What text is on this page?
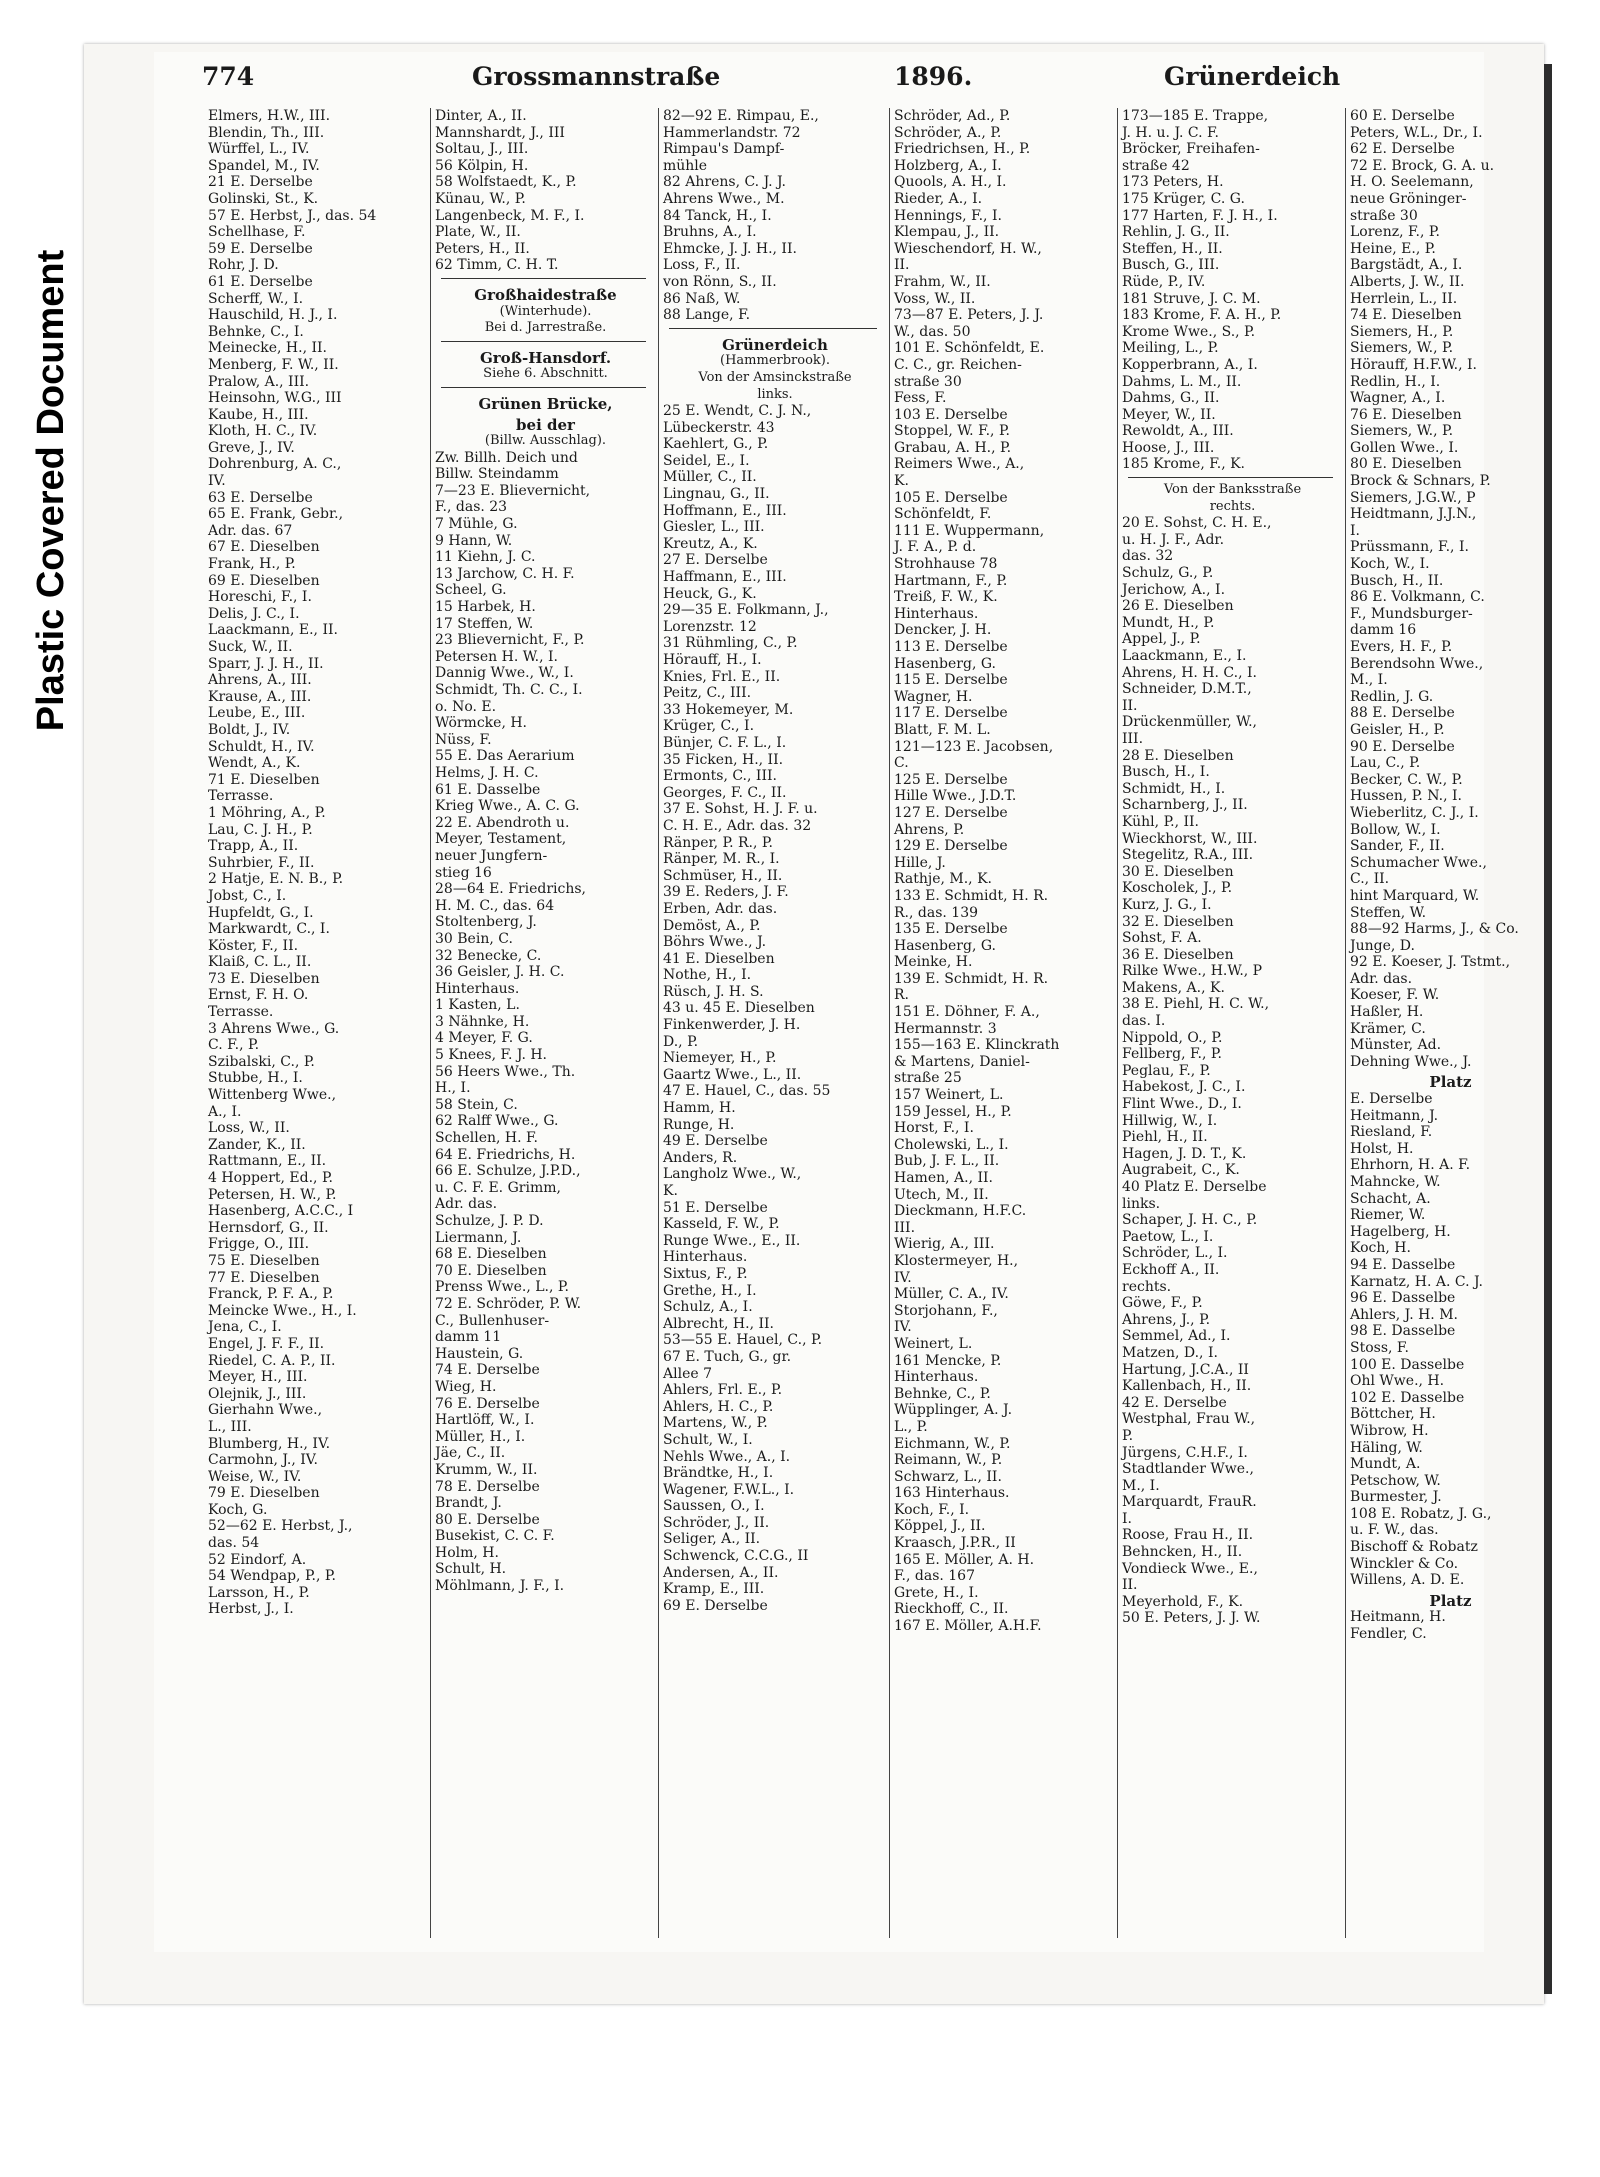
Plastic Covered Document
774	Grossmannstraße	1896.	Grünerdeich
Elmers, H.W., III.
Blendin, Th., III.
Würffel, L., IV.
Spandel, M., IV.
21 E. Derselbe
Golinski, St., K.
57 E. Herbst, J., das. 54
Schellhase, F.
59 E. Derselbe
Rohr, J. D.
61 E. Derselbe
Scherff, W., I.
Hauschild, H. J., I.
Behnke, C., I.
Meinecke, H., II.
Menberg, F. W., II.
Pralow, A., III.
Heinsohn, W.G., III
Kaube, H., III.
Kloth, H. C., IV.
Greve, J., IV.
Dohrenburg, A. C.,
IV.
63 E. Derselbe
65 E. Frank, Gebr.,
Adr. das. 67
67 E. Dieselben
Frank, H., P.
69 E. Dieselben
Horeschi, F., I.
Delis, J. C., I.
Laackmann, E., II.
Suck, W., II.
Sparr, J. J. H., II.
Ahrens, A., III.
Krause, A., III.
Leube, E., III.
Boldt, J., IV.
Schuldt, H., IV.
Wendt, A., K.
71 E. Dieselben
Terrasse.
1 Möhring, A., P.
Lau, C. J. H., P.
Trapp, A., II.
Suhrbier, F., II.
2 Hatje, E. N. B., P.
Jobst, C., I.
Hupfeldt, G., I.
Markwardt, C., I.
Köster, F., II.
Klaiß, C. L., II.
73 E. Dieselben
Ernst, F. H. O.
Terrasse.
3 Ahrens Wwe., G.
C. F., P.
Szibalski, C., P.
Stubbe, H., I.
Wittenberg Wwe.,
A., I.
Loss, W., II.
Zander, K., II.
Rattmann, E., II.
4 Hoppert, Ed., P.
Petersen, H. W., P.
Hasenberg, A.C.C., I
Hernsdorf, G., II.
Frigge, O., III.
75 E. Dieselben
77 E. Dieselben
Franck, P. F. A., P.
Meincke Wwe., H., I.
Jena, C., I.
Engel, J. F. F., II.
Riedel, C. A. P., II.
Meyer, H., III.
Olejnik, J., III.
Gierhahn Wwe.,
L., III.
Blumberg, H., IV.
Carmohn, J., IV.
Weise, W., IV.
79 E. Dieselben
Koch, G.
52—62 E. Herbst, J.,
das. 54
52 Eindorf, A.
54 Wendpap, P., P.
Larsson, H., P.
Herbst, J., I.
Dinter, A., II.
Mannshardt, J., III
Soltau, J., III.
56 Kölpin, H.
58 Wolfstaedt, K., P.
Künau, W., P.
Langenbeck, M. F., I.
Plate, W., II.
Peters, H., II.
62 Timm, C. H. T.
Großhaidestraße
(Winterhude).
Bei d. Jarrestraße.
Groß-Hansdorf.
Siehe 6. Abschnitt.
Grünen Brücke,
bei der
(Billw. Ausschlag).
Zw. Billh. Deich und
Billw. Steindamm
7—23 E. Blievernicht,
F., das. 23
7 Mühle, G.
9 Hann, W.
11 Kiehn, J. C.
13 Jarchow, C. H. F.
Scheel, G.
15 Harbek, H.
17 Steffen, W.
23 Blievernicht, F., P.
Petersen H. W., I.
Dannig Wwe., W., I.
Schmidt, Th. C. C., I.
o. No. E.
Wörmcke, H.
Nüss, F.
55 E. Das Aerarium
Helms, J. H. C.
61 E. Dasselbe
Krieg Wwe., A. C. G.
22 E. Abendroth u.
Meyer, Testament,
neuer Jungfern-
stieg 16
28—64 E. Friedrichs,
H. M. C., das. 64
Stoltenberg, J.
30 Bein, C.
32 Benecke, C.
36 Geisler, J. H. C.
Hinterhaus.
1 Kasten, L.
3 Nähnke, H.
4 Meyer, F. G.
5 Knees, F. J. H.
56 Heers Wwe., Th.
H., I.
58 Stein, C.
62 Ralff Wwe., G.
Schellen, H. F.
64 E. Friedrichs, H.
66 E. Schulze, J.P.D.,
u. C. F. E. Grimm,
Adr. das.
Schulze, J. P. D.
Liermann, J.
68 E. Dieselben
70 E. Dieselben
Prenss Wwe., L., P.
72 E. Schröder, P. W.
C., Bullenhuser-
damm 11
Haustein, G.
74 E. Derselbe
Wieg, H.
76 E. Derselbe
Hartlöff, W., I.
Müller, H., I.
Jäe, C., II.
Krumm, W., II.
78 E. Derselbe
Brandt, J.
80 E. Derselbe
Busekist, C. C. F.
Holm, H.
Schult, H.
Möhlmann, J. F., I.
82—92 E. Rimpau, E.,
Hammerlandstr. 72
Rimpau's Dampf-
mühle
82 Ahrens, C. J. J.
Ahrens Wwe., M.
84 Tanck, H., I.
Bruhns, A., I.
Ehmcke, J. J. H., II.
Loss, F., II.
von Rönn, S., II.
86 Naß, W.
88 Lange, F.
Grünerdeich
(Hammerbrook).
Von der Amsinckstraße
links.
25 E. Wendt, C. J. N.,
Lübeckerstr. 43
Kaehlert, G., P.
Seidel, E., I.
Müller, C., II.
Lingnau, G., II.
Hoffmann, E., III.
Giesler, L., III.
Kreutz, A., K.
27 E. Derselbe
Haffmann, E., III.
Heuck, G., K.
29—35 E. Folkmann, J.,
Lorenzstr. 12
31 Rühmling, C., P.
Hörauff, H., I.
Knies, Frl. E., II.
Peitz, C., III.
33 Hokemeyer, M.
Krüger, C., I.
Bünjer, C. F. L., I.
35 Ficken, H., II.
Ermonts, C., III.
Georges, F. C., II.
37 E. Sohst, H. J. F. u.
C. H. E., Adr. das. 32
Ränper, P. R., P.
Ränper, M. R., I.
Schmüser, H., II.
39 E. Reders, J. F.
Erben, Adr. das.
Demöst, A., P.
Böhrs Wwe., J.
41 E. Dieselben
Nothe, H., I.
Rüsch, J. H. S.
43 u. 45 E. Dieselben
Finkenwerder, J. H.
D., P.
Niemeyer, H., P.
Gaartz Wwe., L., II.
47 E. Hauel, C., das. 55
Hamm, H.
Runge, H.
49 E. Derselbe
Anders, R.
Langholz Wwe., W.,
K.
51 E. Derselbe
Kasseld, F. W., P.
Runge Wwe., E., II.
Hinterhaus.
Sixtus, F., P.
Grethe, H., I.
Schulz, A., I.
Albrecht, H., II.
53—55 E. Hauel, C., P.
67 E. Tuch, G., gr.
Allee 7
Ahlers, Frl. E., P.
Ahlers, H. C., P.
Martens, W., P.
Schult, W., I.
Nehls Wwe., A., I.
Brändtke, H., I.
Wagener, F.W.L., I.
Saussen, O., I.
Schröder, J., II.
Seliger, A., II.
Schwenck, C.C.G., II
Andersen, A., II.
Kramp, E., III.
69 E. Derselbe
Schröder, Ad., P.
Schröder, A., P.
Friedrichsen, H., P.
Holzberg, A., I.
Quools, A. H., I.
Rieder, A., I.
Hennings, F., I.
Klempau, J., II.
Wieschendorf, H. W.,
II.
Frahm, W., II.
Voss, W., II.
73—87 E. Peters, J. J.
W., das. 50
101 E. Schönfeldt, E.
C. C., gr. Reichen-
straße 30
Fess, F.
103 E. Derselbe
Stoppel, W. F., P.
Grabau, A. H., P.
Reimers Wwe., A.,
K.
105 E. Derselbe
Schönfeldt, F.
111 E. Wuppermann,
J. F. A., P. d.
Strohhause 78
Hartmann, F., P.
Treiß, F. W., K.
Hinterhaus.
Dencker, J. H.
113 E. Derselbe
Hasenberg, G.
115 E. Derselbe
Wagner, H.
117 E. Derselbe
Blatt, F. M. L.
121—123 E. Jacobsen,
C.
125 E. Derselbe
Hille Wwe., J.D.T.
127 E. Derselbe
Ahrens, P.
129 E. Derselbe
Hille, J.
Rathje, M., K.
133 E. Schmidt, H. R.
R., das. 139
135 E. Derselbe
Hasenberg, G.
Meinke, H.
139 E. Schmidt, H. R.
R.
151 E. Döhner, F. A.,
Hermannstr. 3
155—163 E. Klinckrath
& Martens, Daniel-
straße 25
157 Weinert, L.
159 Jessel, H., P.
Horst, F., I.
Cholewski, L., I.
Bub, J. F. L., II.
Hamen, A., II.
Utech, M., II.
Dieckmann, H.F.C.
III.
Wierig, A., III.
Klostermeyer, H.,
IV.
Müller, C. A., IV.
Storjohann, F.,
IV.
Weinert, L.
161 Mencke, P.
Hinterhaus.
Behnke, C., P.
Wüpplinger, A. J.
L., P.
Eichmann, W., P.
Reimann, W., P.
Schwarz, L., II.
163 Hinterhaus.
Koch, F., I.
Köppel, J., II.
Kraasch, J.P.R., II
165 E. Möller, A. H.
F., das. 167
Grete, H., I.
Rieckhoff, C., II.
167 E. Möller, A.H.F.
173—185 E. Trappe,
J. H. u. J. C. F.
Bröcker, Freihafen-
straße 42
173 Peters, H.
175 Krüger, C. G.
177 Harten, F. J. H., I.
Rehlin, J. G., II.
Steffen, H., II.
Busch, G., III.
Rüde, P., IV.
181 Struve, J. C. M.
183 Krome, F. A. H., P.
Krome Wwe., S., P.
Meiling, L., P.
Kopperbrann, A., I.
Dahms, L. M., II.
Dahms, G., II.
Meyer, W., II.
Rewoldt, A., III.
Hoose, J., III.
185 Krome, F., K.
Von der Banksstraße
rechts.
20 E. Sohst, C. H. E.,
u. H. J. F., Adr.
das. 32
Schulz, G., P.
Jerichow, A., I.
26 E. Dieselben
Mundt, H., P.
Appel, J., P.
Laackmann, E., I.
Ahrens, H. H. C., I.
Schneider, D.M.T.,
II.
Drückenmüller, W.,
III.
28 E. Dieselben
Busch, H., I.
Schmidt, H., I.
Scharnberg, J., II.
Kühl, P., II.
Wieckhorst, W., III.
Stegelitz, R.A., III.
30 E. Dieselben
Koscholek, J., P.
Kurz, J. G., I.
32 E. Dieselben
Sohst, F. A.
36 E. Dieselben
Rilke Wwe., H.W., P
Makens, A., K.
38 E. Piehl, H. C. W.,
das. I.
Nippold, O., P.
Fellberg, F., P.
Peglau, F., P.
Habekost, J. C., I.
Flint Wwe., D., I.
Hillwig, W., I.
Piehl, H., II.
Hagen, J. D. T., K.
Augrabeit, C., K.
40 Platz E. Derselbe
links.
Schaper, J. H. C., P.
Paetow, L., I.
Schröder, L., I.
Eckhoff A., II.
rechts.
Göwe, F., P.
Ahrens, J., P.
Semmel, Ad., I.
Matzen, D., I.
Hartung, J.C.A., II
Kallenbach, H., II.
42 E. Derselbe
Westphal, Frau W.,
P.
Jürgens, C.H.F., I.
Stadtlander Wwe.,
M., I.
Marquardt, FrauR.
I.
Roose, Frau H., II.
Behncken, H., II.
Vondieck Wwe., E.,
II.
Meyerhold, F., K.
50 E. Peters, J. J. W.
60 E. Derselbe
Peters, W.L., Dr., I.
62 E. Derselbe
72 E. Brock, G. A. u.
H. O. Seelemann,
neue Gröninger-
straße 30
Lorenz, F., P.
Heine, E., P.
Bargstädt, A., I.
Alberts, J. W., II.
Herrlein, L., II.
74 E. Dieselben
Siemers, H., P.
Siemers, W., P.
Hörauff, H.F.W., I.
Redlin, H., I.
Wagner, A., I.
76 E. Dieselben
Siemers, W., P.
Gollen Wwe., I.
80 E. Dieselben
Brock & Schnars, P.
Siemers, J.G.W., P
Heidtmann, J.J.N.,
I.
Prüssmann, F., I.
Koch, W., I.
Busch, H., II.
86 E. Volkmann, C.
F., Mundsburger-
damm 16
Evers, H. F., P.
Berendsohn Wwe.,
M., I.
Redlin, J. G.
88 E. Derselbe
Geisler, H., P.
90 E. Derselbe
Lau, C., P.
Becker, C. W., P.
Hussen, P. N., I.
Wieberlitz, C. J., I.
Bollow, W., I.
Sander, F., II.
Schumacher Wwe.,
C., II.
hint Marquard, W.
Steffen, W.
88—92 Harms, J., & Co.
Junge, D.
92 E. Koeser, J. Tstmt.,
Adr. das.
Koeser, F. W.
Haßler, H.
Krämer, C.
Münster, Ad.
Dehning Wwe., J.
Platz
E. Derselbe
Heitmann, J.
Riesland, F.
Holst, H.
Ehrhorn, H. A. F.
Mahncke, W.
Schacht, A.
Riemer, W.
Hagelberg, H.
Koch, H.
94 E. Dasselbe
Karnatz, H. A. C. J.
96 E. Dasselbe
Ahlers, J. H. M.
98 E. Dasselbe
Stoss, F.
100 E. Dasselbe
Ohl Wwe., H.
102 E. Dasselbe
Böttcher, H.
Wibrow, H.
Häling, W.
Mundt, A.
Petschow, W.
Burmester, J.
108 E. Robatz, J. G.,
u. F. W., das.
Bischoff & Robatz
Winckler & Co.
Willens, A. D. E.
Platz
Heitmann, H.
Fendler, C.
